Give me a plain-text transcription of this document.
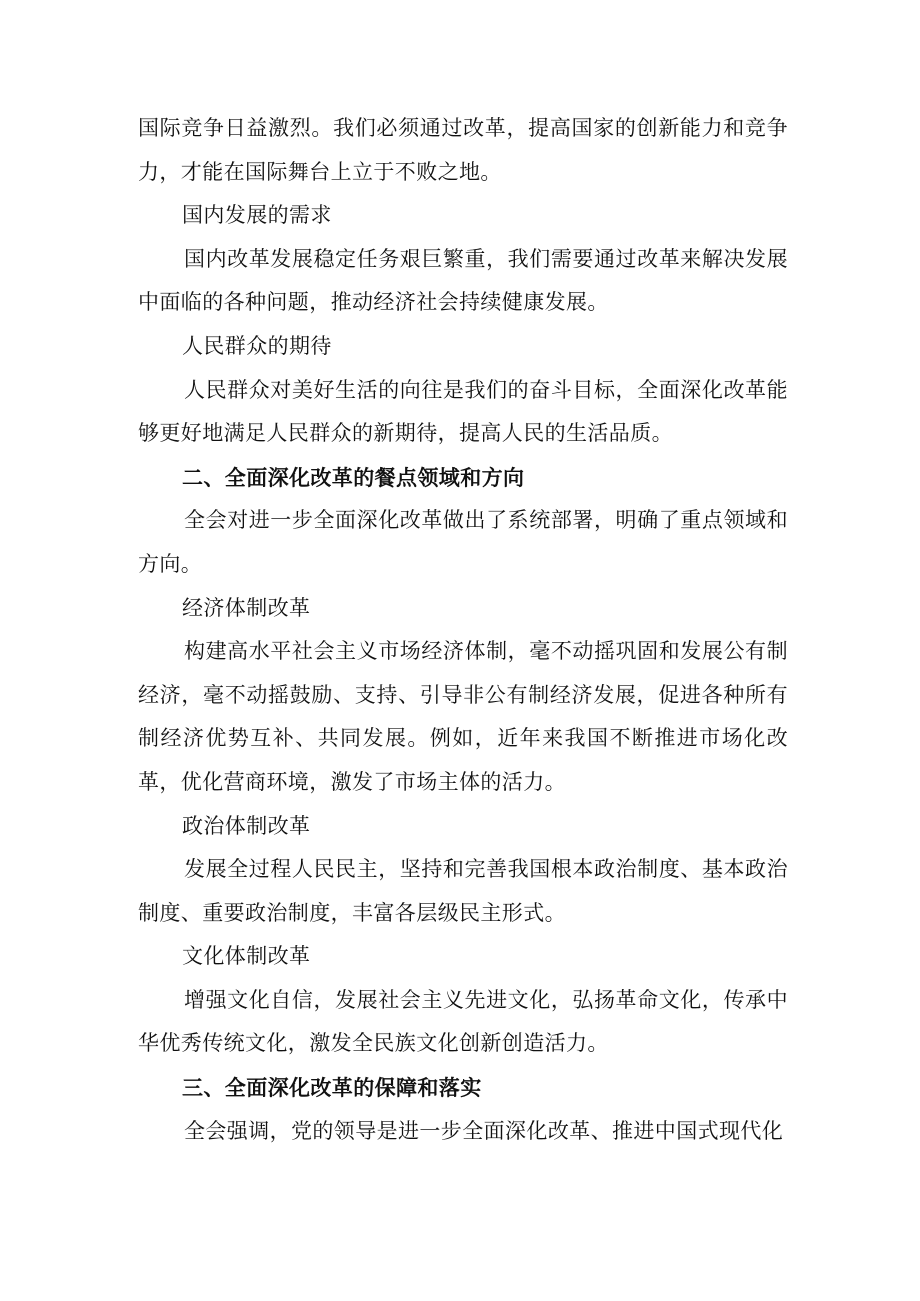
国际竞争日益激烈。我们必须通过改革，提高国家的创新能力和竞争力，才能在国际舞台上立于不败之地。

国内发展的需求

国内改革发展稳定任务艰巨繁重，我们需要通过改革来解决发展中面临的各种问题，推动经济社会持续健康发展。

人民群众的期待

人民群众对美好生活的向往是我们的奋斗目标，全面深化改革能够更好地满足人民群众的新期待，提高人民的生活品质。

二、全面深化改革的餐点领域和方向

全会对进一步全面深化改革做出了系统部署，明确了重点领域和方向。

经济体制改革

构建高水平社会主义市场经济体制，毫不动摇巩固和发展公有制经济，毫不动摇鼓励、支持、引导非公有制经济发展，促进各种所有制经济优势互补、共同发展。例如，近年来我国不断推进市场化改革，优化营商环境，激发了市场主体的活力。

政治体制改革

发展全过程人民民主，坚持和完善我国根本政治制度、基本政治制度、重要政治制度，丰富各层级民主形式。

文化体制改革

增强文化自信，发展社会主义先进文化，弘扬革命文化，传承中华优秀传统文化，激发全民族文化创新创造活力。

三、全面深化改革的保障和落实

全会强调，党的领导是进一步全面深化改革、推进中国式现代化
